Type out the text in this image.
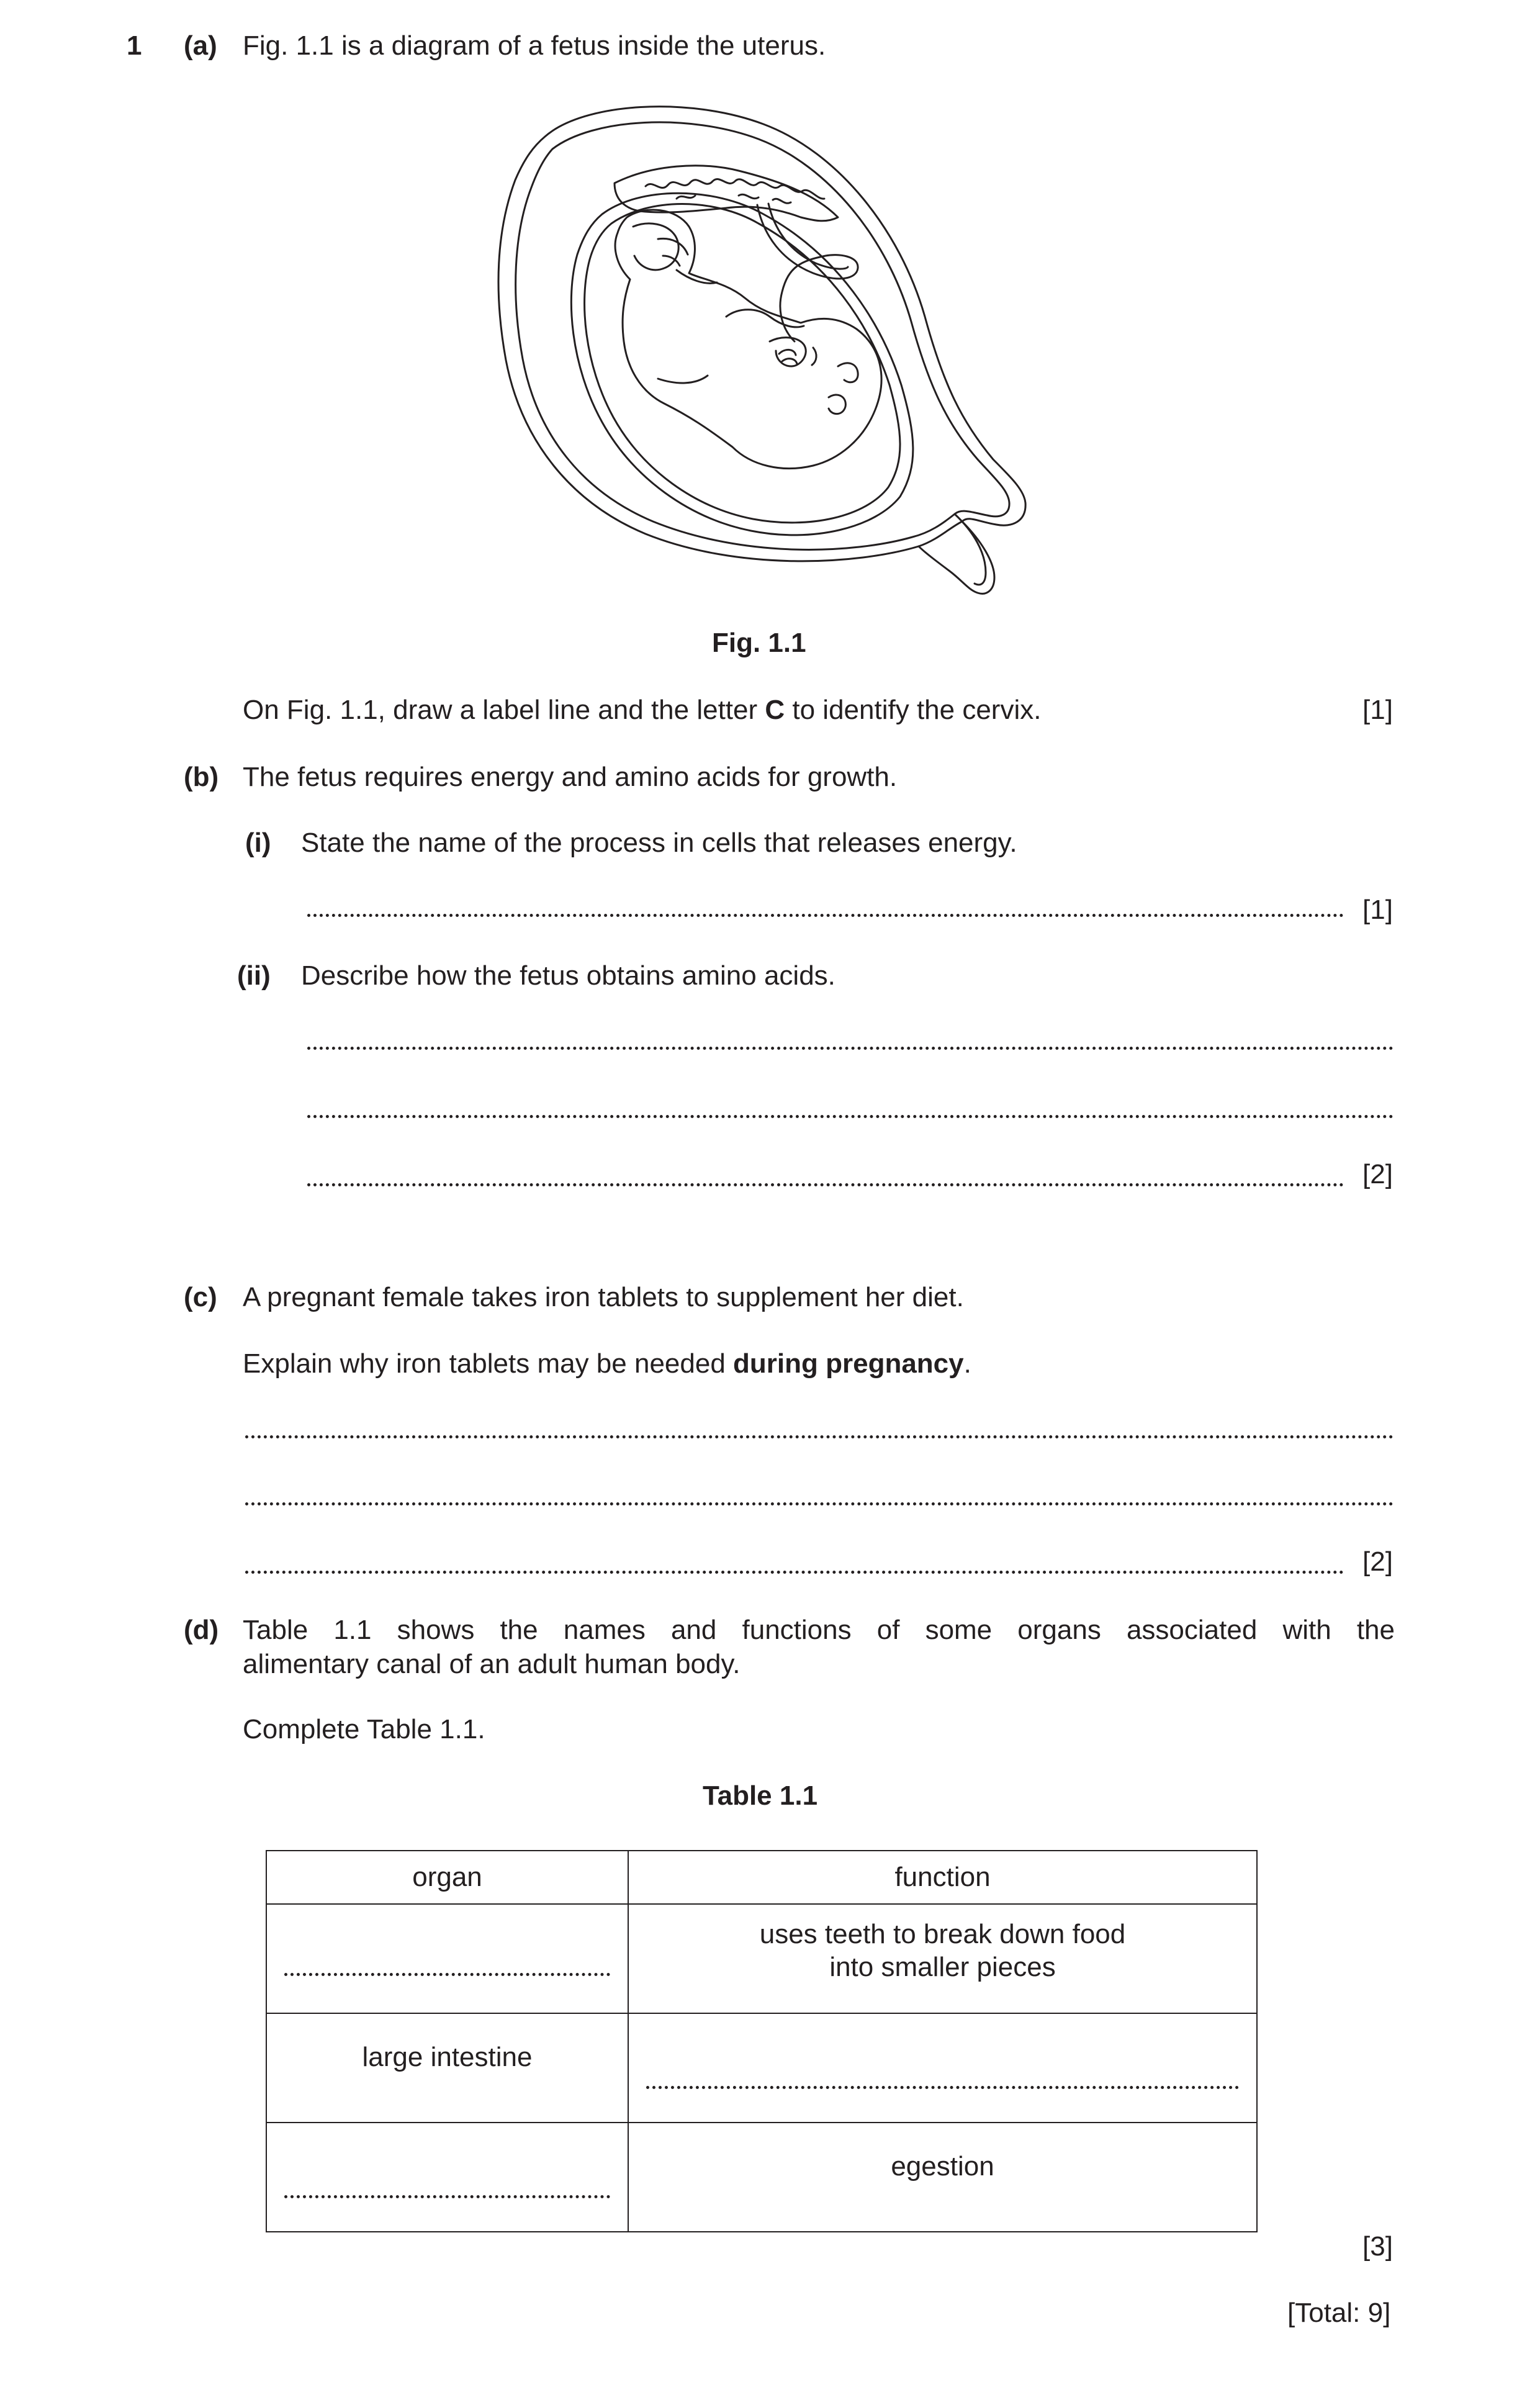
1 (a) Fig. 1.1 is a diagram of a fetus inside the uterus.
Fig. 1.1
On Fig. 1.1, draw a label line and the letter C to identify the cervix.	[1]
(b) The fetus requires energy and amino acids for growth.
(i) State the name of the process in cells that releases energy.
[1]
(ii) Describe how the fetus obtains amino acids.
[2]
(c) A pregnant female takes iron tablets to supplement her diet.
Explain why iron tablets may be needed during pregnancy.
[2]
(d) Table 1.1 shows the names and functions of some organs associated with the
alimentary canal of an adult human body.
Complete Table 1.1.
Table 1.1
organ	function

	uses teeth to break down food
into smaller pieces

large intestine	

	egestion
[3]
[Total: 9]
